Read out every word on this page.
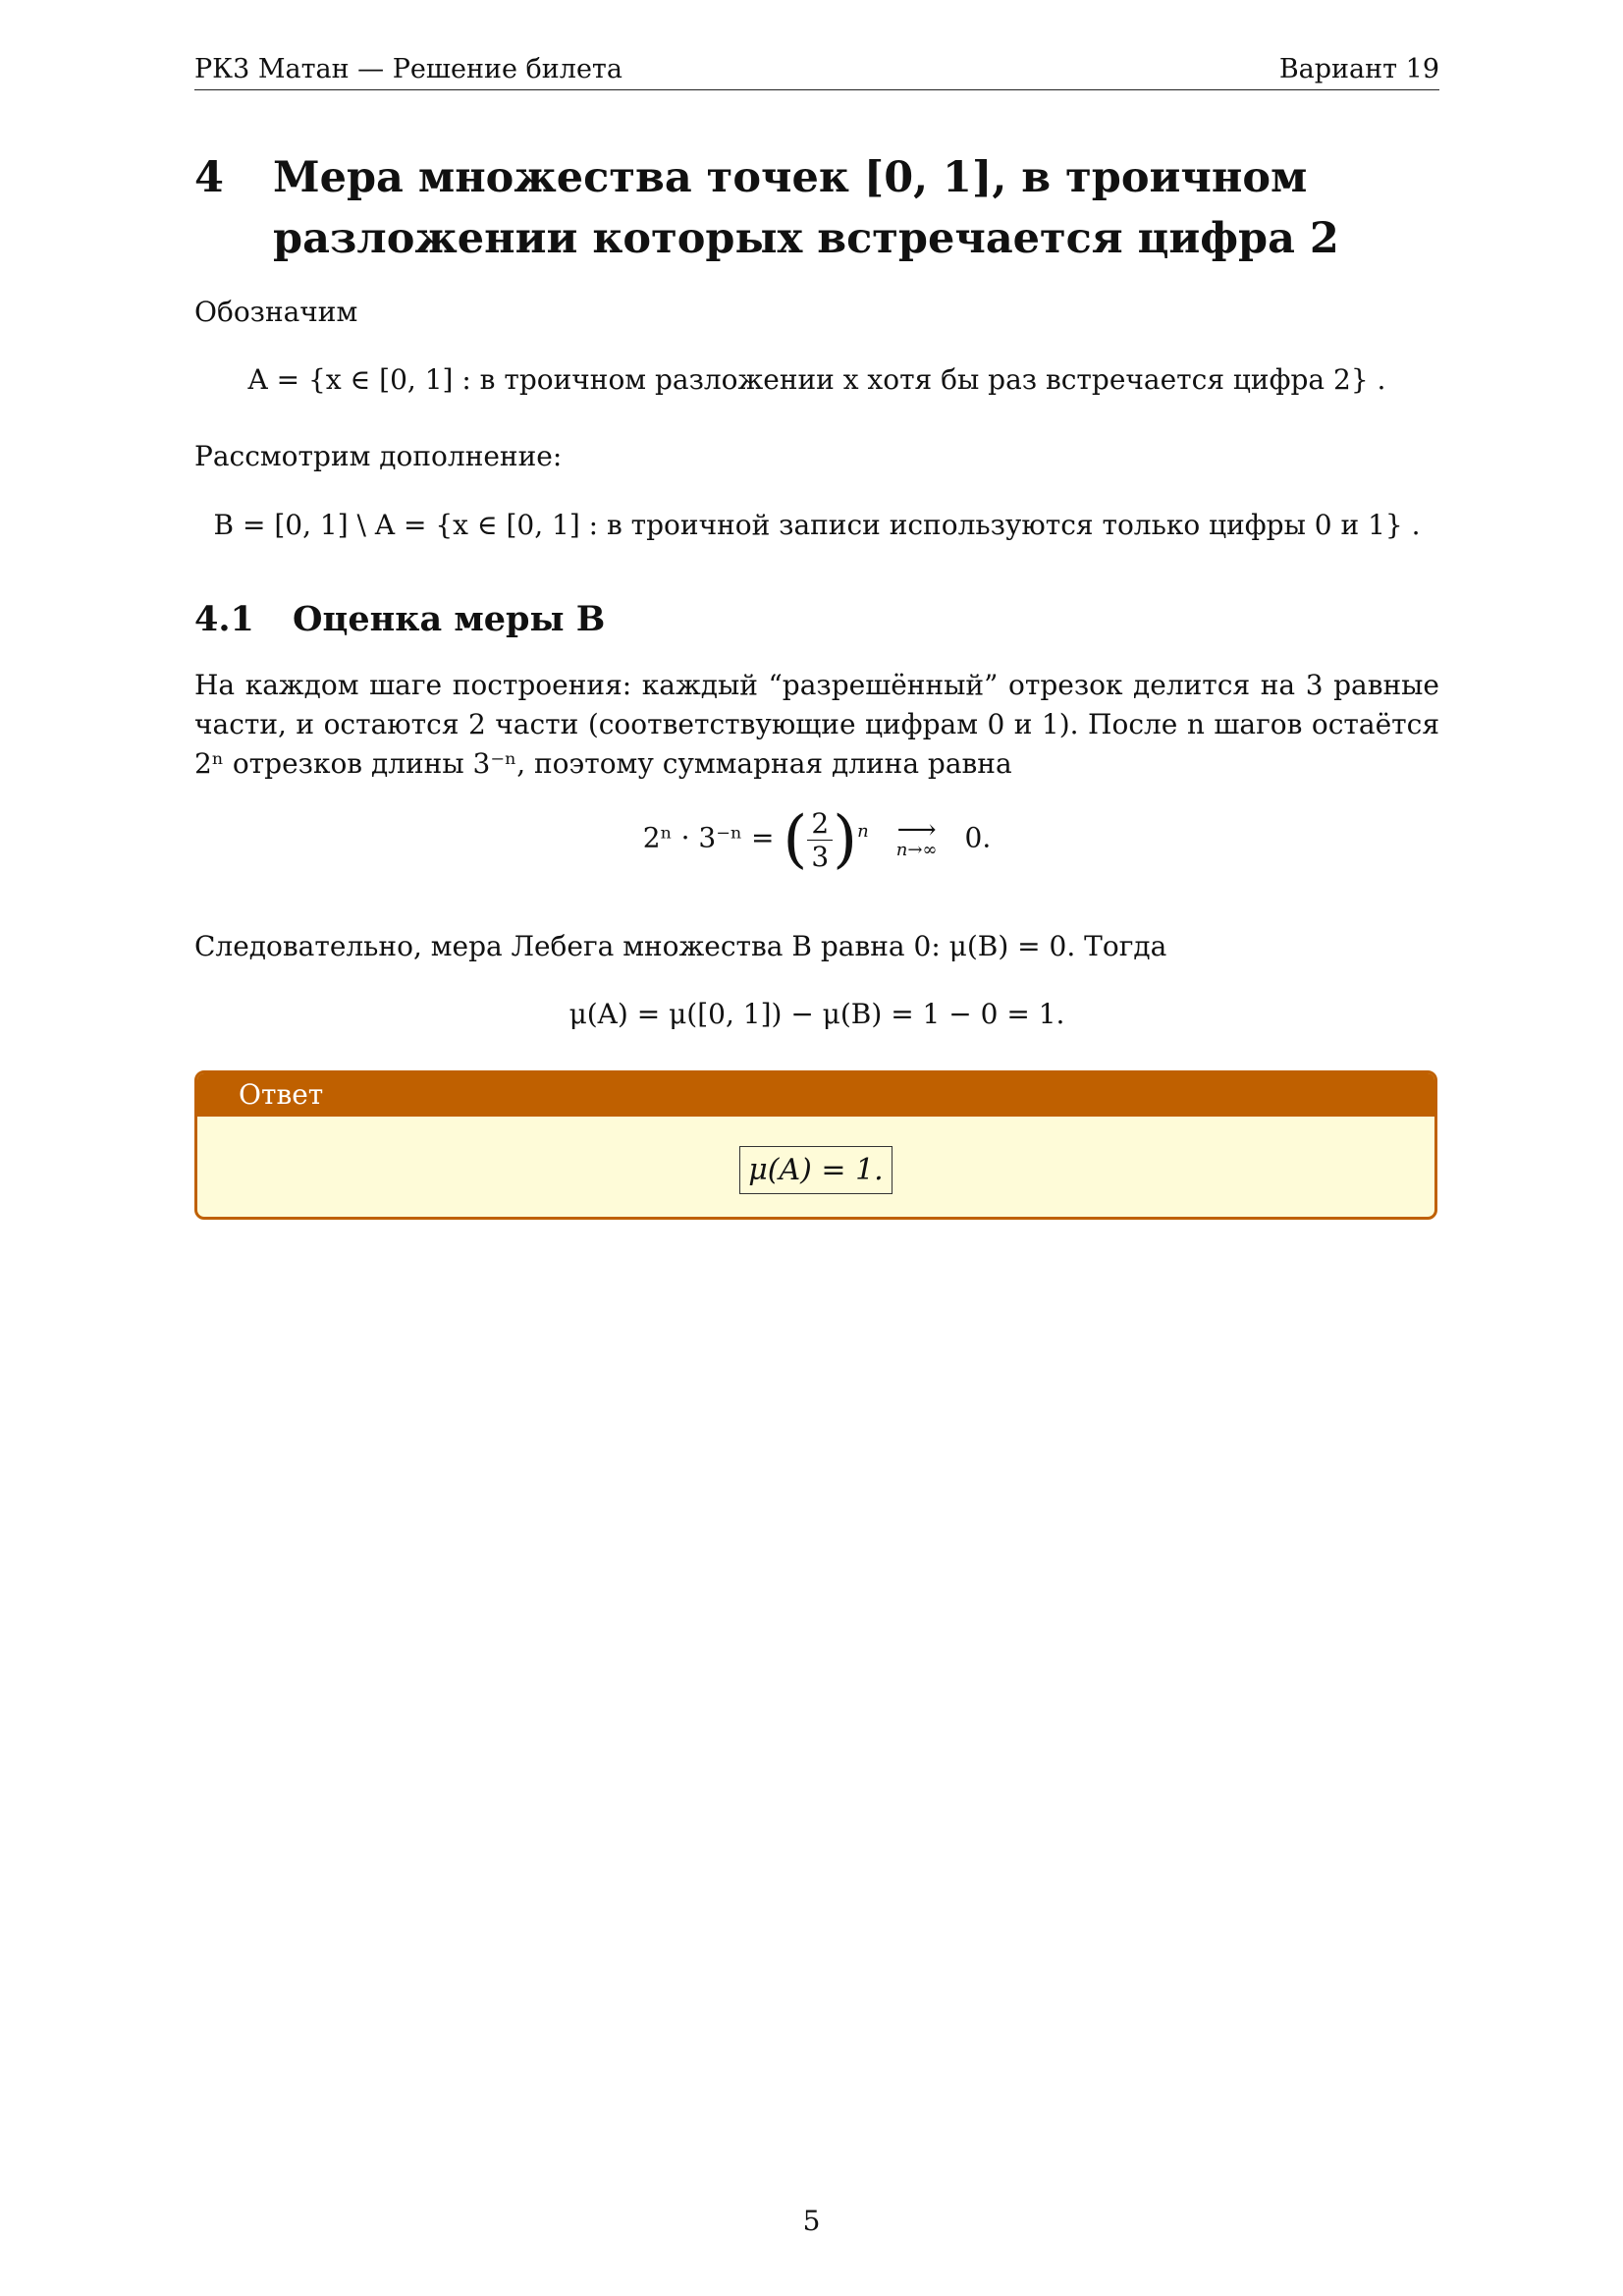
РК3 Матан — Решение билета	Вариант 19
4 Мера множества точек [0, 1], в троичном разложении которых встречается цифра 2
Обозначим
A = {x ∈ [0, 1] : в троичном разложении x хотя бы раз встречается цифра 2} .
Рассмотрим дополнение:
B = [0, 1] \ A = {x ∈ [0, 1] : в троичной записи используются только цифры 0 и 1} .
4.1 Оценка меры B
На каждом шаге построения: каждый “разрешённый” отрезок делится на 3 равные части, и остаются 2 части (соответствующие цифрам 0 и 1). После n шагов остаётся 2ⁿ отрезков длины 3⁻ⁿ, поэтому суммарная длина равна
2ⁿ · 3⁻ⁿ = ( $\frac{2}{3} )^n$	⟶
n→∞	0.
Следовательно, мера Лебега множества B равна 0: μ(B) = 0. Тогда
μ(A) = μ([0, 1]) − μ(B) = 1 − 0 = 1.
Ответ
μ(A) = 1.
5
